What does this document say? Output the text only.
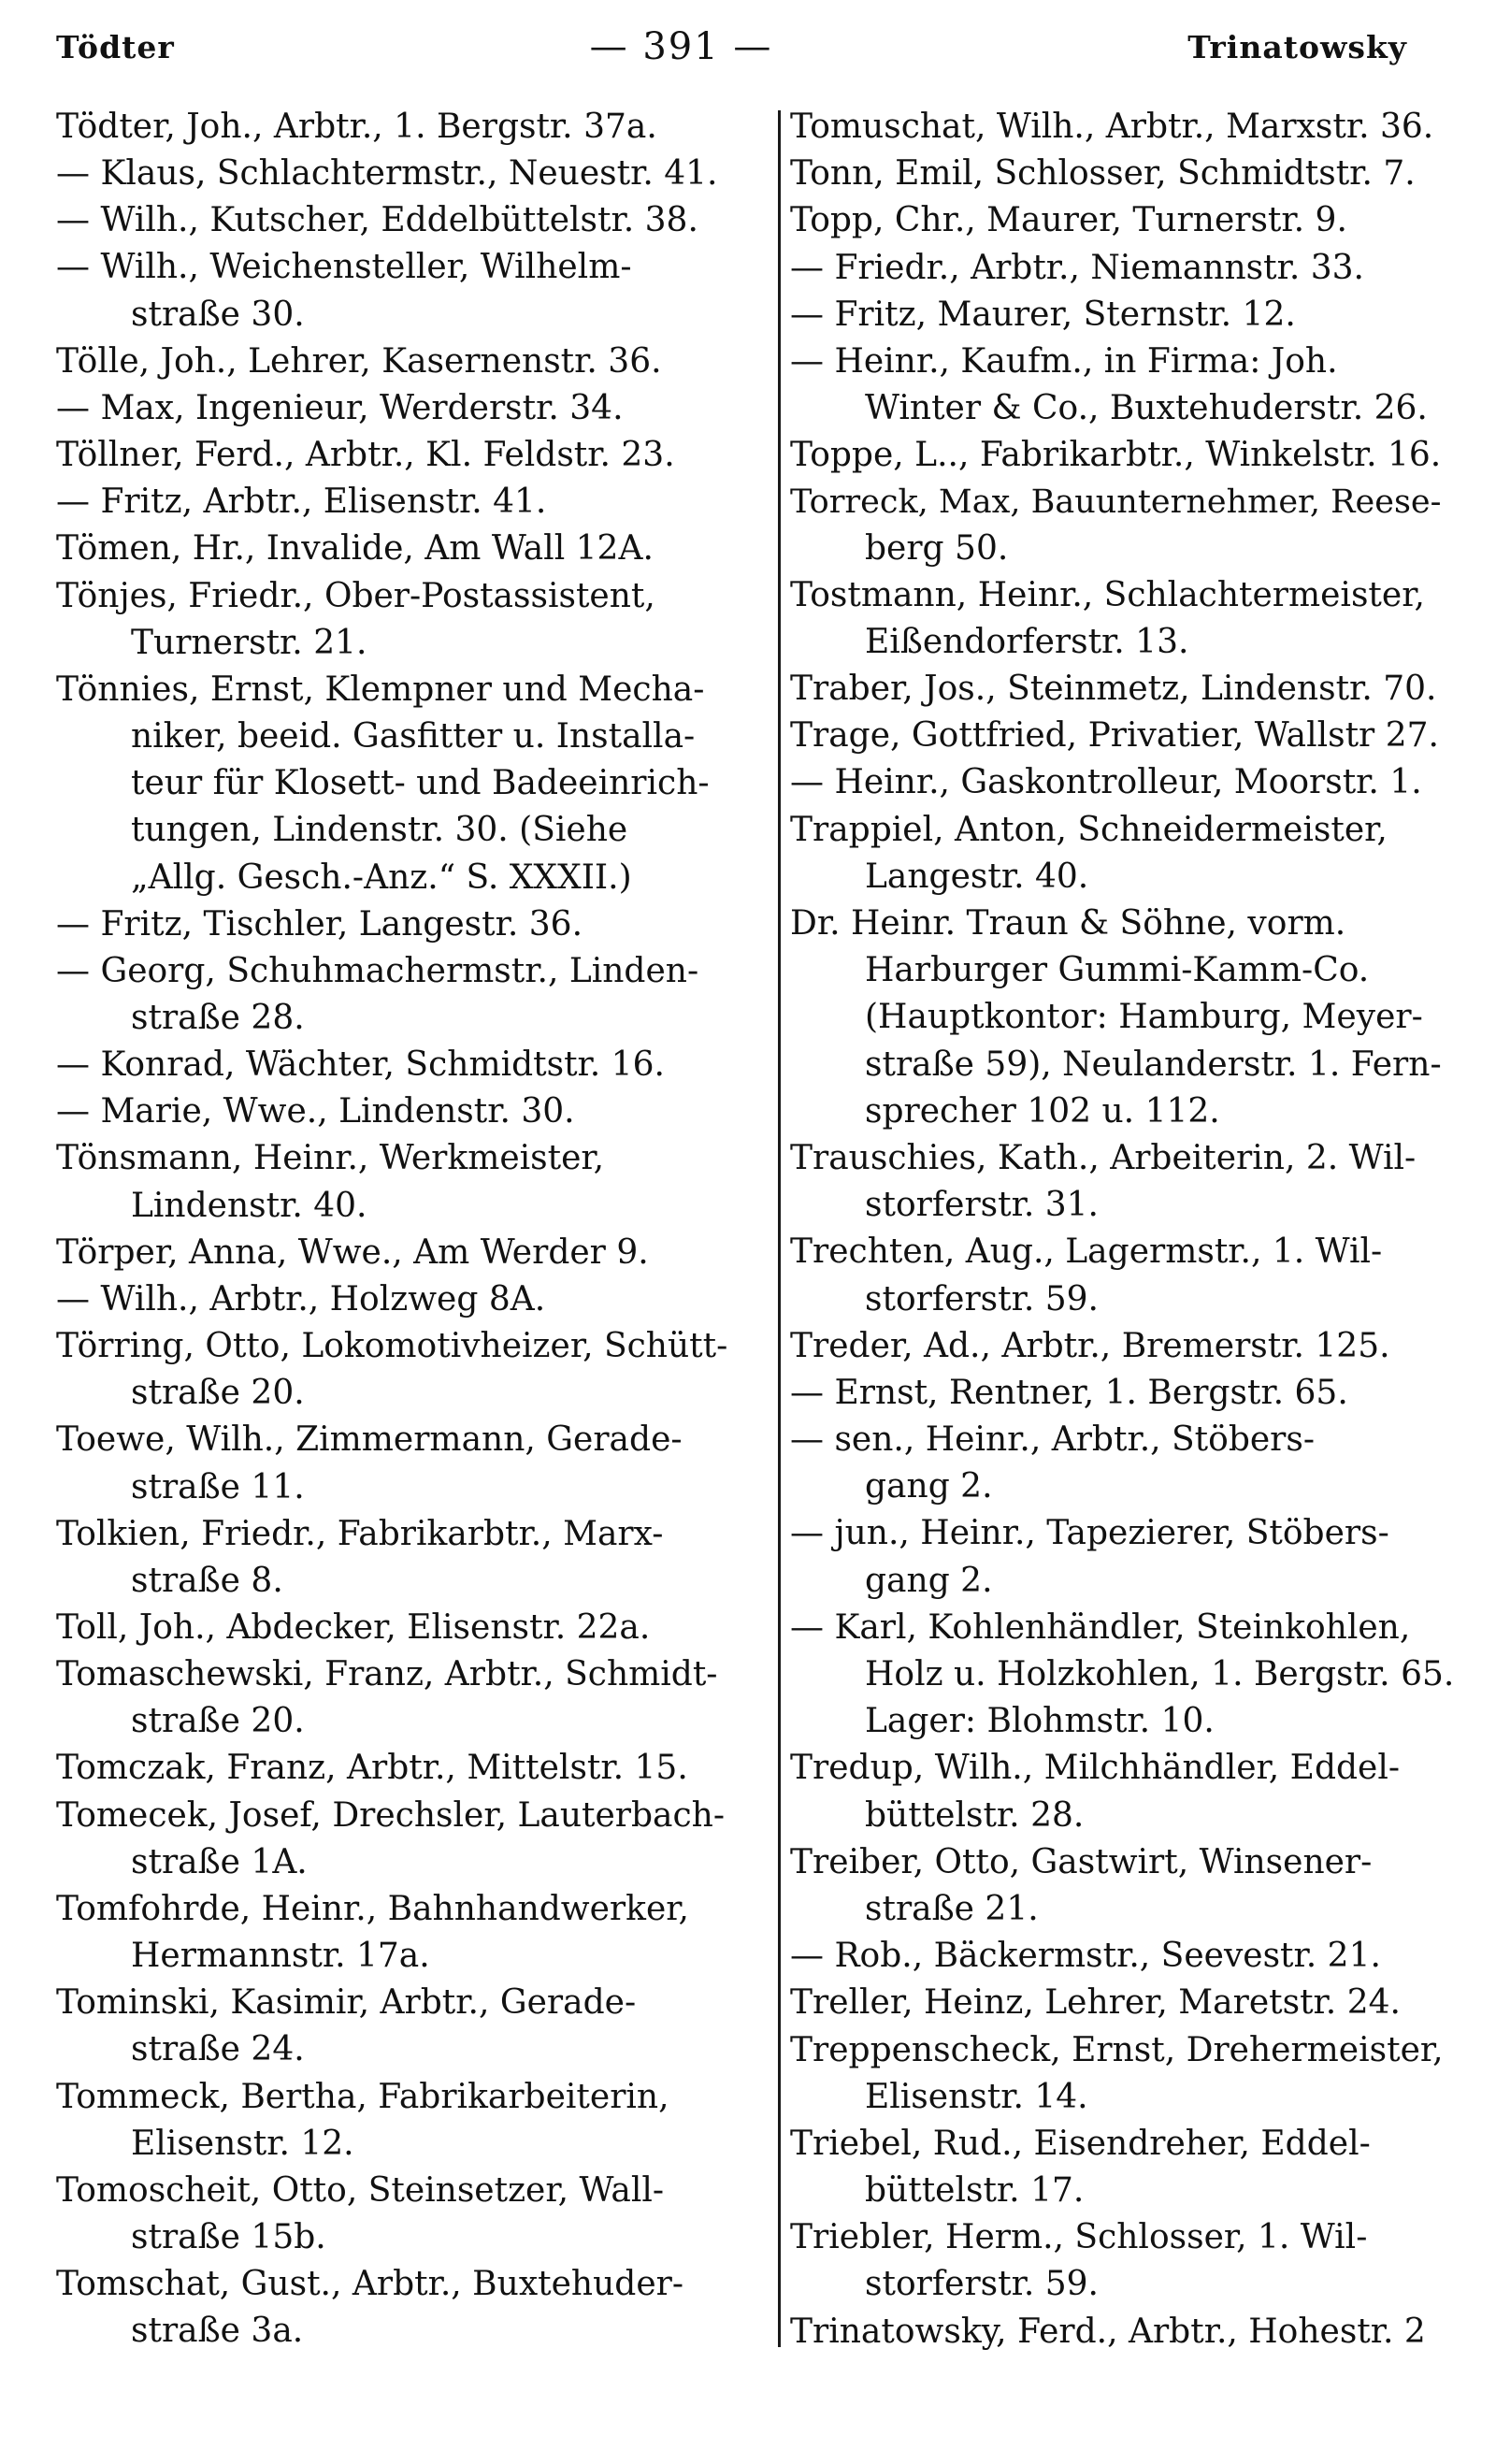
Tödter	— 391 —	Trinatowsky
Tödter, Joh., Arbtr., 1. Bergstr. 37a.
— Klaus, Schlachtermstr., Neuestr. 41.
— Wilh., Kutscher, Eddelbüttelstr. 38.
— Wilh., Weichensteller, Wilhelm-
straße 30.
Tölle, Joh., Lehrer, Kasernenstr. 36.
— Max, Ingenieur, Werderstr. 34.
Töllner, Ferd., Arbtr., Kl. Feldstr. 23.
— Fritz, Arbtr., Elisenstr. 41.
Tömen, Hr., Invalide, Am Wall 12A.
Tönjes, Friedr., Ober-Postassistent,
Turnerstr. 21.
Tönnies, Ernst, Klempner und Mecha-
niker, beeid. Gasfitter u. Installa-
teur für Klosett- und Badeeinrich-
tungen, Lindenstr. 30. (Siehe
„Allg. Gesch.-Anz.“ S. XXXII.)
— Fritz, Tischler, Langestr. 36.
— Georg, Schuhmachermstr., Linden-
straße 28.
— Konrad, Wächter, Schmidtstr. 16.
— Marie, Wwe., Lindenstr. 30.
Tönsmann, Heinr., Werkmeister,
Lindenstr. 40.
Törper, Anna, Wwe., Am Werder 9.
— Wilh., Arbtr., Holzweg 8A.
Törring, Otto, Lokomotivheizer, Schütt-
straße 20.
Toewe, Wilh., Zimmermann, Gerade-
straße 11.
Tolkien, Friedr., Fabrikarbtr., Marx-
straße 8.
Toll, Joh., Abdecker, Elisenstr. 22a.
Tomaschewski, Franz, Arbtr., Schmidt-
straße 20.
Tomczak, Franz, Arbtr., Mittelstr. 15.
Tomecek, Josef, Drechsler, Lauterbach-
straße 1A.
Tomfohrde, Heinr., Bahnhandwerker,
Hermannstr. 17a.
Tominski, Kasimir, Arbtr., Gerade-
straße 24.
Tommeck, Bertha, Fabrikarbeiterin,
Elisenstr. 12.
Tomoscheit, Otto, Steinsetzer, Wall-
straße 15b.
Tomschat, Gust., Arbtr., Buxtehuder-
straße 3a.
Tomuschat, Wilh., Arbtr., Marxstr. 36.
Tonn, Emil, Schlosser, Schmidtstr. 7.
Topp, Chr., Maurer, Turnerstr. 9.
— Friedr., Arbtr., Niemannstr. 33.
— Fritz, Maurer, Sternstr. 12.
— Heinr., Kaufm., in Firma: Joh.
Winter & Co., Buxtehuderstr. 26.
Toppe, L.., Fabrikarbtr., Winkelstr. 16.
Torreck, Max, Bauunternehmer, Reese-
berg 50.
Tostmann, Heinr., Schlachtermeister,
Eißendorferstr. 13.
Traber, Jos., Steinmetz, Lindenstr. 70.
Trage, Gottfried, Privatier, Wallstr 27.
— Heinr., Gaskontrolleur, Moorstr. 1.
Trappiel, Anton, Schneidermeister,
Langestr. 40.
Dr. Heinr. Traun & Söhne, vorm.
Harburger Gummi-Kamm-Co.
(Hauptkontor: Hamburg, Meyer-
straße 59), Neulanderstr. 1. Fern-
sprecher 102 u. 112.
Trauschies, Kath., Arbeiterin, 2. Wil-
storferstr. 31.
Trechten, Aug., Lagermstr., 1. Wil-
storferstr. 59.
Treder, Ad., Arbtr., Bremerstr. 125.
— Ernst, Rentner, 1. Bergstr. 65.
— sen., Heinr., Arbtr., Stöbers-
gang 2.
— jun., Heinr., Tapezierer, Stöbers-
gang 2.
— Karl, Kohlenhändler, Steinkohlen,
Holz u. Holzkohlen, 1. Bergstr. 65.
Lager: Blohmstr. 10.
Tredup, Wilh., Milchhändler, Eddel-
büttelstr. 28.
Treiber, Otto, Gastwirt, Winsener-
straße 21.
— Rob., Bäckermstr., Seevestr. 21.
Treller, Heinz, Lehrer, Maretstr. 24.
Treppenscheck, Ernst, Drehermeister,
Elisenstr. 14.
Triebel, Rud., Eisendreher, Eddel-
büttelstr. 17.
Triebler, Herm., Schlosser, 1. Wil-
storferstr. 59.
Trinatowsky, Ferd., Arbtr., Hohestr. 2
